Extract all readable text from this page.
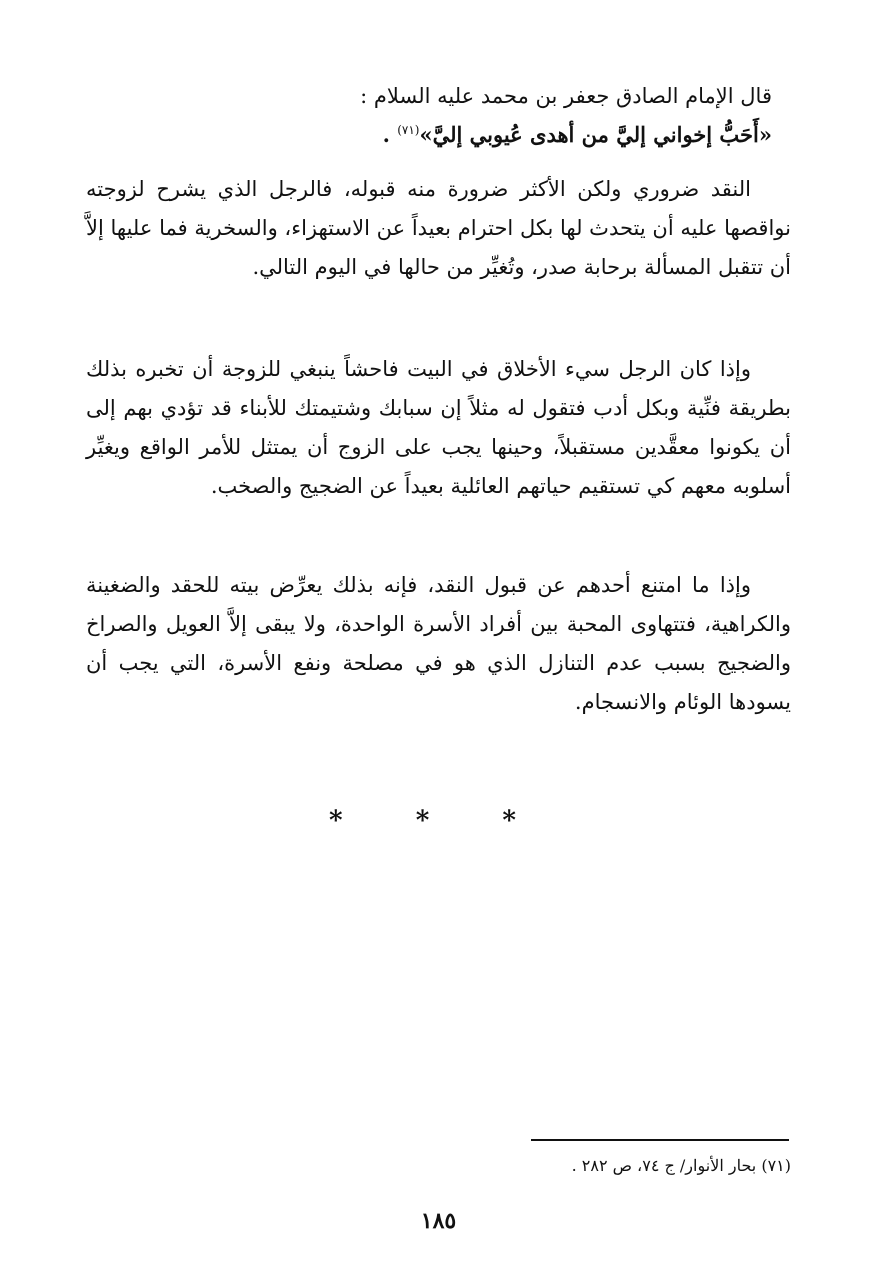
قال الإمام الصادق جعفر بن محمد عليه السلام :
«أَحَبُّ إخواني إليَّ من أهدى عُيوبي إليَّ»$^{(٧١)}$ .

النقد ضروري ولكن الأكثر ضرورة منه قبوله، فالرجل الذي يشرح لزوجته نواقصها عليه أن يتحدث لها بكل احترام بعيداً عن الاستهزاء، والسخرية فما عليها إلاَّ أن تتقبل المسألة برحابة صدر، وتُغيِّر من حالها في اليوم التالي.

وإذا كان الرجل سيء الأخلاق في البيت فاحشاً ينبغي للزوجة أن تخبره بذلك بطريقة فنِّية وبكل أدب فتقول له مثلاً إن سبابك وشتيمتك للأبناء قد تؤدي بهم إلى أن يكونوا معقَّدين مستقبلاً، وحينها يجب على الزوج أن يمتثل للأمر الواقع ويغيِّر أسلوبه معهم كي تستقيم حياتهم العائلية بعيداً عن الضجيج والصخب.

وإذا ما امتنع أحدهم عن قبول النقد، فإنه بذلك يعرِّض بيته للحقد والضغينة والكراهية، فتتهاوى المحبة بين أفراد الأسرة الواحدة، ولا يبقى إلاَّ العويل والصراخ والضجيج بسبب عدم التنازل الذي هو في مصلحة ونفع الأسرة، التي يجب أن يسودها الوئام والانسجام.

* * *
(٧١) بحار الأنوار/ ج ٧٤، ص ٢٨٢ .
١٨٥
